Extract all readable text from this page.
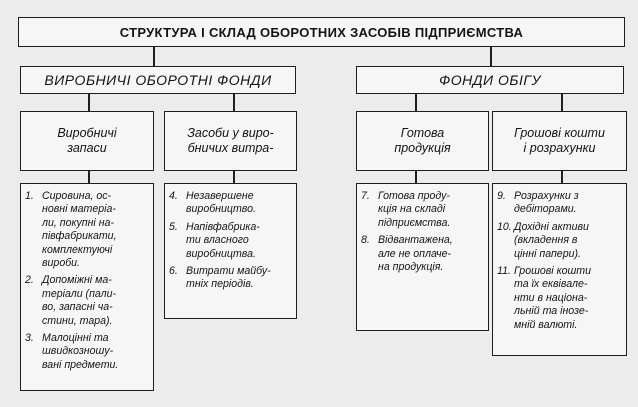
СТРУКТУРА І СКЛАД ОБОРОТНИХ ЗАСОБІВ ПІДПРИЄМСТВА
ВИРОБНИЧІ ОБОРОТНІ ФОНДИ	ФОНДИ ОБІГУ
Виробничі
запаси
Засоби у виро-
бничих витра-
Готова
продукція
Грошові кошти
і розрахунки
1. Сировина, ос-
новні матеріа-
ли, покупні на-
півфабрикати,
комплектуючі
вироби.
2. Допоміжні ма-
теріали (пали-
во, запасні ча-
стини, тара).
3. Малоцінні та
швидкозношу-
вані предмети.
4. Незавершене
виробництво.
5. Напівфабрика-
ти власного
виробництва.
6. Витрати майбу-
тніх періодів.
7. Готова проду-
кція на складі
підприємства.
8. Відвантажена,
але не оплаче-
на продукція.
9. Розрахунки з
дебіторами.
10. Дохідні активи
(вкладення в
цінні папери).
11. Грошові кошти
та їх еквівале-
нти в націона-
льній та інозе-
мній валюті.
